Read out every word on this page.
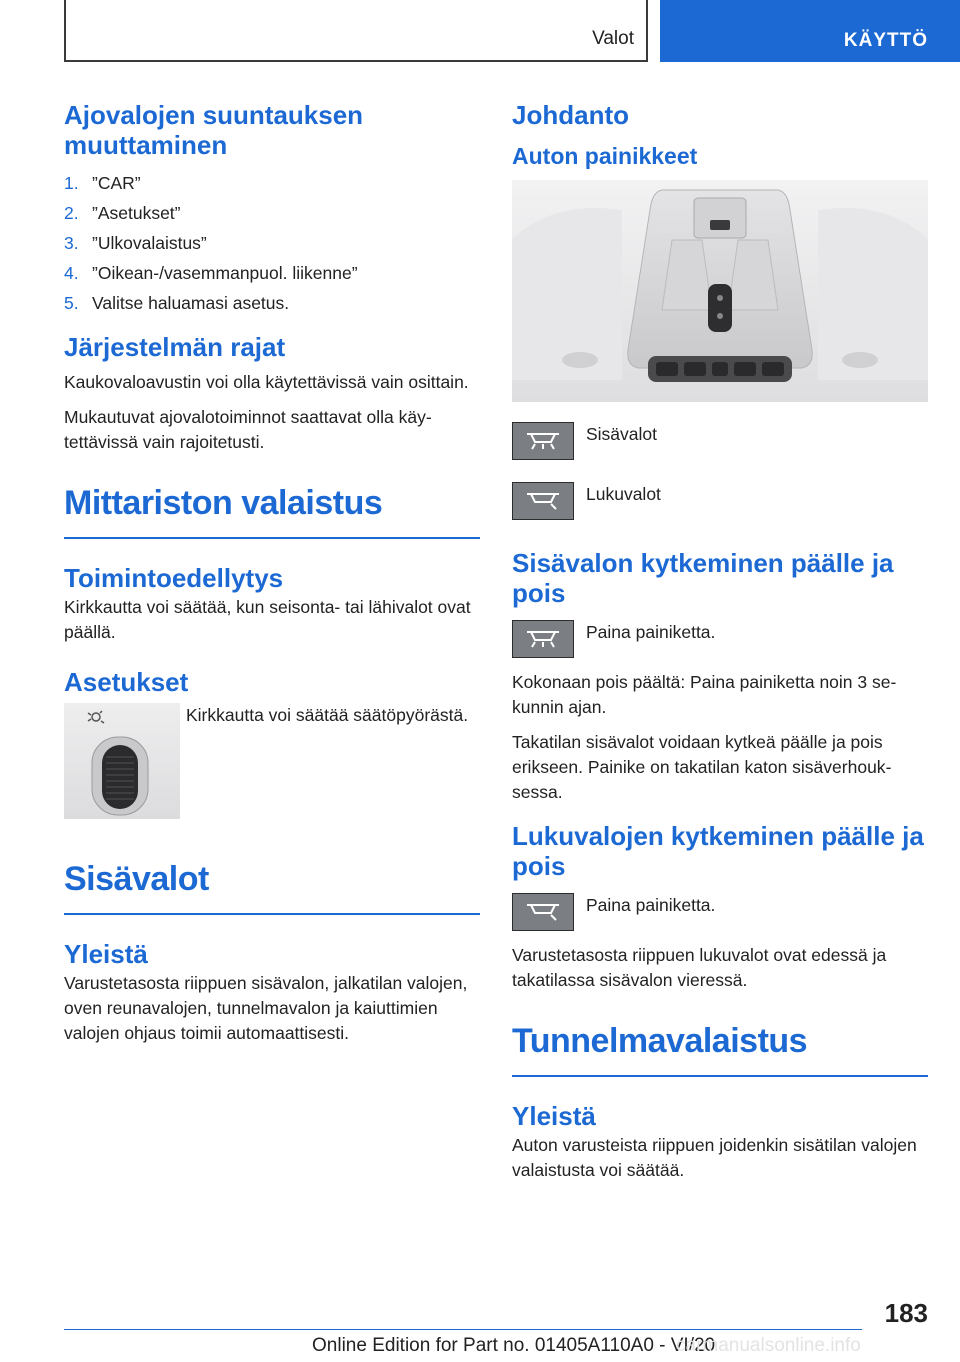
Valot	KÄYTTÖ
Ajovalojen suuntauksen muuttaminen
1. ”CAR”
2. ”Asetukset”
3. ”Ulkovalaistus”
4. ”Oikean-/vasemmanpuol. liikenne”
5. Valitse haluamasi asetus.
Järjestelmän rajat

Kaukovaloavustin voi olla käytettävissä vain osittain.

Mukautuvat ajovalotoiminnot saattavat olla käytettävissä vain rajoitetusti.

Mittariston valaistus
Toimintoedellytys

Kirkkautta voi säätää, kun seisonta- tai lähivalot ovat päällä.

Asetukset

Kirkkautta voi säätää säätöpyörästä.

Sisävalot
Yleistä

Varustetasosta riippuen sisävalon, jalkatilan valojen, oven reunavalojen, tunnelmavalon ja kaiuttimien valojen ohjaus toimii automaattisesti.

Johdanto
Auton painikkeet
Sisävalot
Lukuvalot
Sisävalon kytkeminen päälle ja pois
Paina painiketta.

Kokonaan pois päältä: Paina painiketta noin 3 sekunnin ajan.

Takatilan sisävalot voidaan kytkeä päälle ja pois erikseen. Painike on takatilan katon sisäverhouksessa.

Lukuvalojen kytkeminen päälle ja pois
Paina painiketta.

Varustetasosta riippuen lukuvalot ovat edessä ja takatilassa sisävalon vieressä.

Tunnelmavalaistus
Yleistä

Auton varusteista riippuen joidenkin sisätilan valojen valaistusta voi säätää.

183
Online Edition for Part no. 01405A110A0 - VI/20
carmanualsonline.info
